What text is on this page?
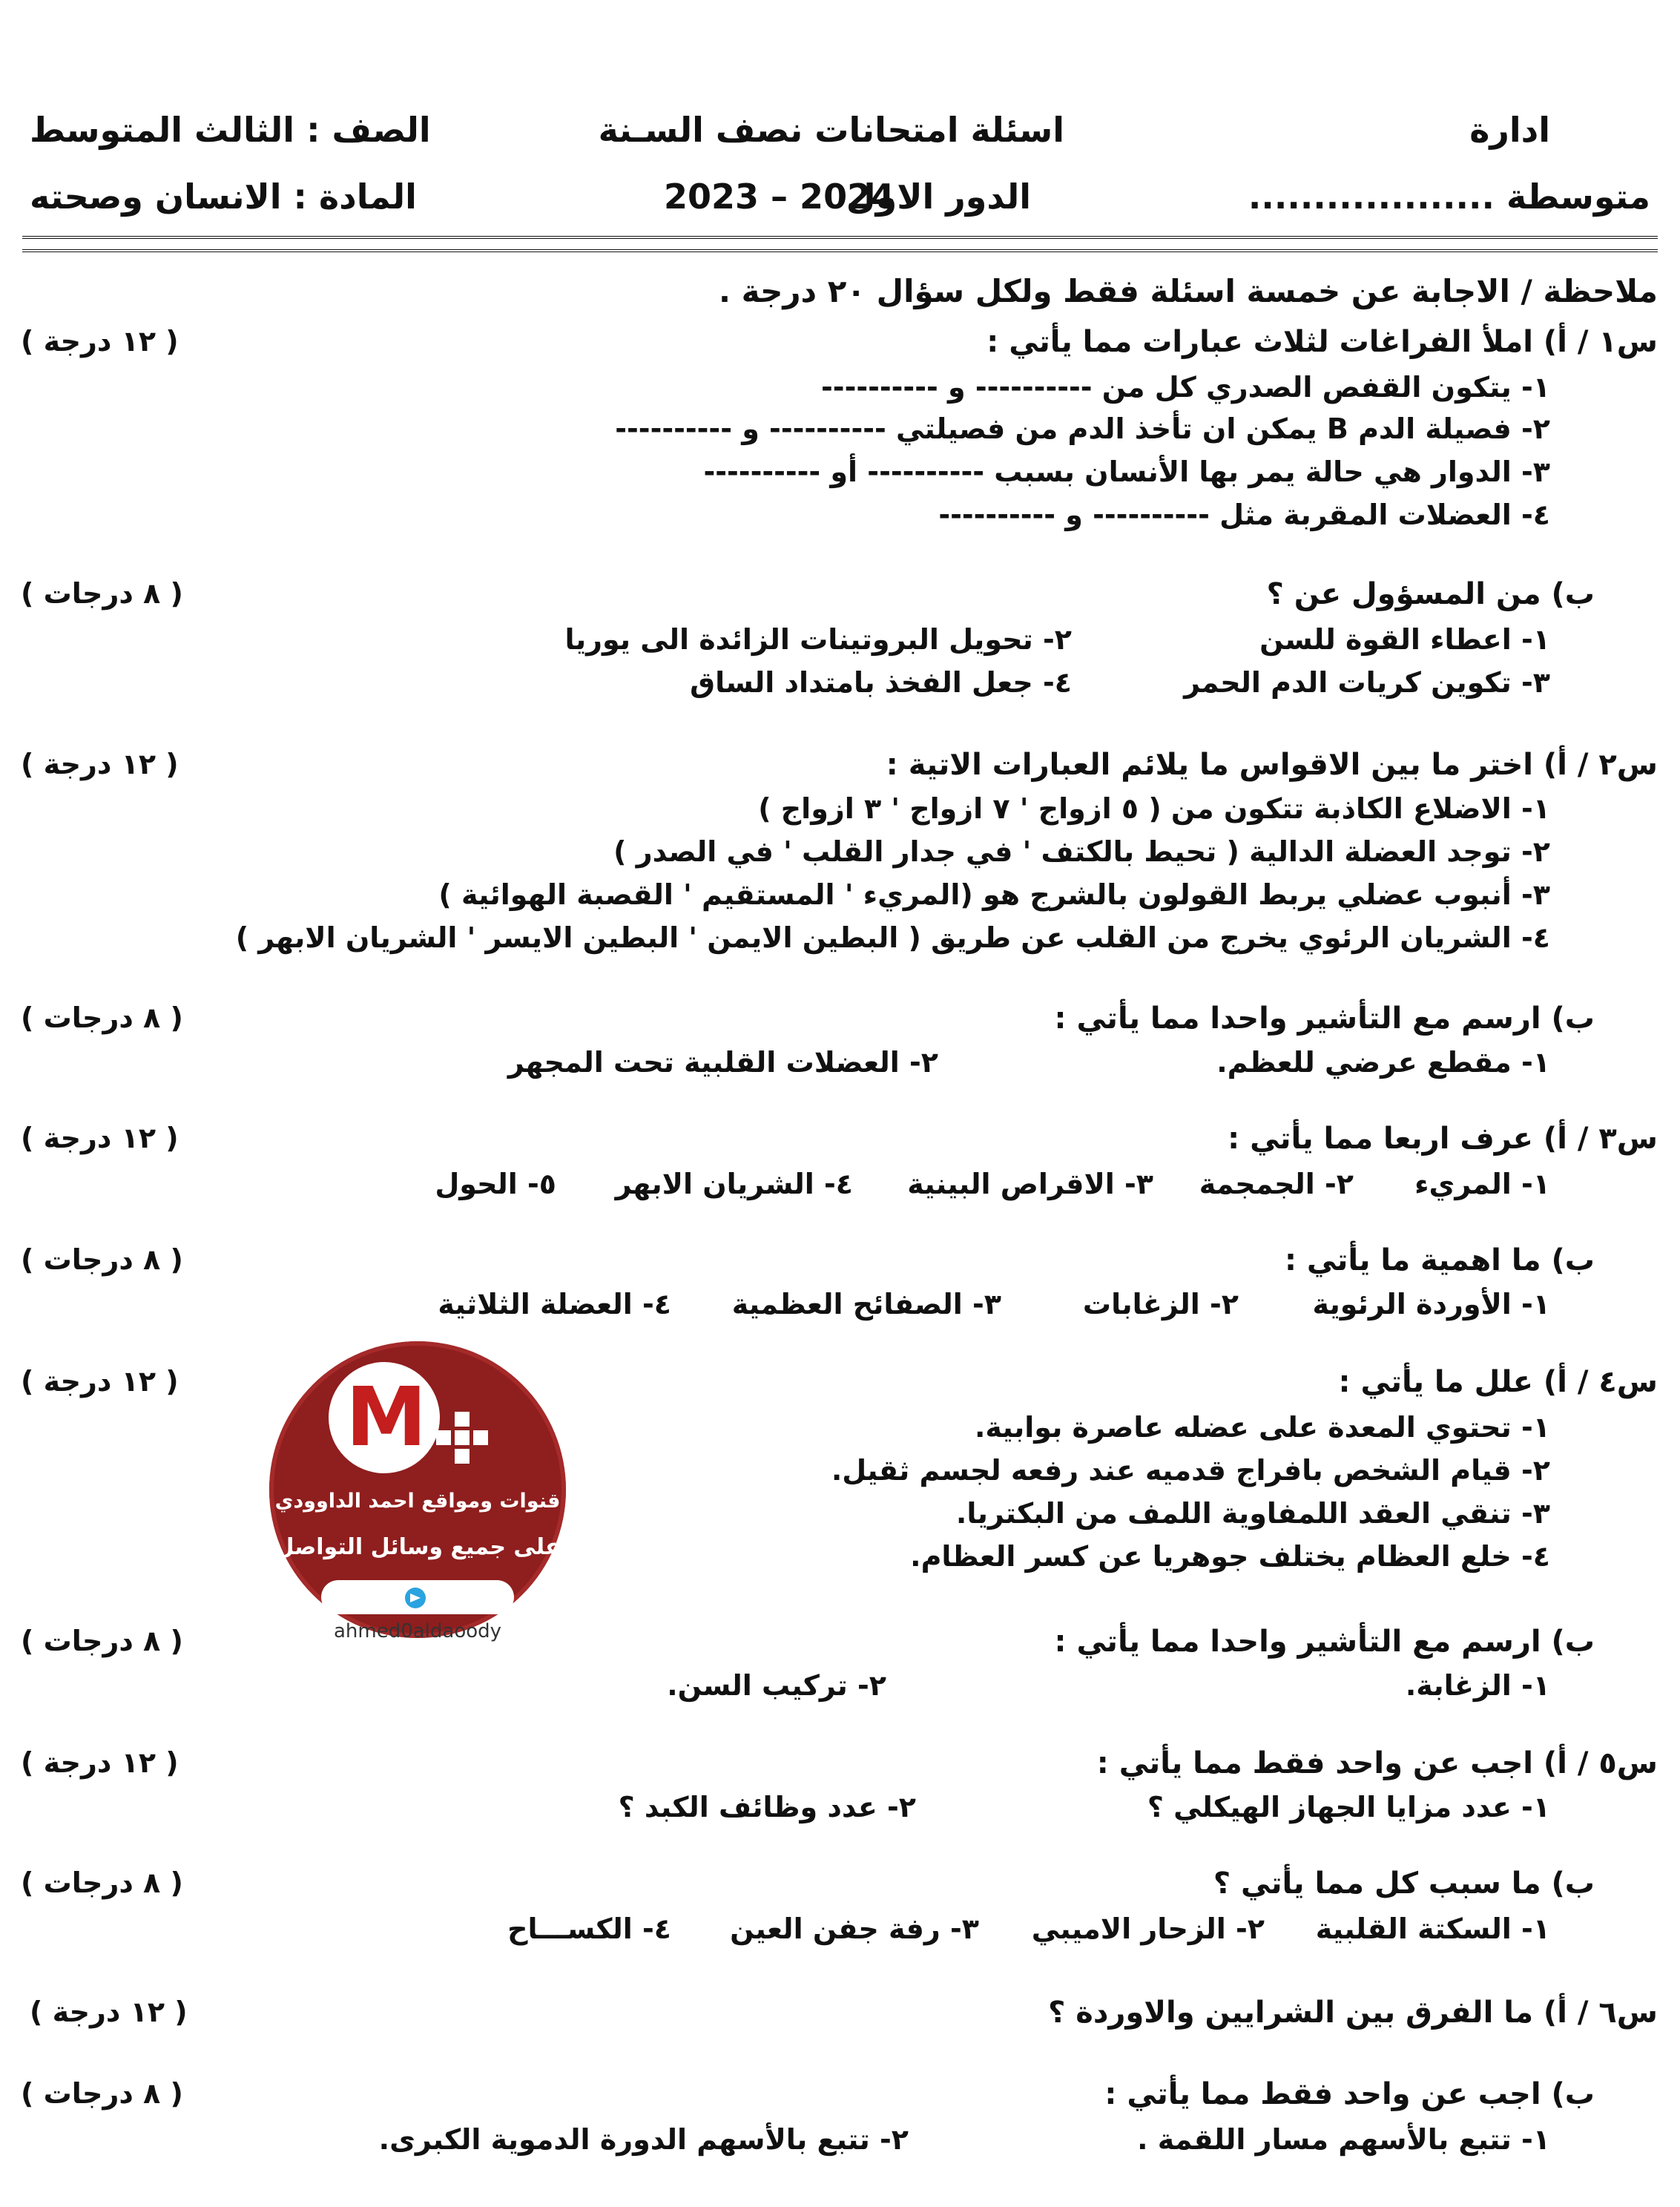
ادارة
اسئلة امتحانات نصف السـنة
الصف : الثالث المتوسط
متوسطة ...................
الدور الاول
2023 – 2024
المادة : الانسان وصحته
ملاحظة / الاجابة عن خمسة اسئلة فقط ولكل سؤال ٢٠ درجة .
س١ / أ) املأ الفراغات لثلاث عبارات مما يأتي :
( ١٢ درجة )
١- يتكون القفص الصدري كل من ---------- و ----------
٢- فصيلة الدم B يمكن ان تأخذ الدم من فصيلتي ---------- و ----------
٣- الدوار هي حالة يمر بها الأنسان بسبب ---------- أو ----------
٤- العضلات المقربة مثل ---------- و ----------
ب) من المسؤول عن ؟
( ٨ درجات )
١- اعطاء القوة للسن
٢- تحويل البروتينات الزائدة الى يوريا
٣- تكوين كريات الدم الحمر
٤- جعل الفخذ بامتداد الساق
س٢ / أ) اختر ما بين الاقواس ما يلائم العبارات الاتية :
( ١٢ درجة )
١- الاضلاع الكاذبة تتكون من ( ٥ ازواج ' ٧ ازواج ' ٣ ازواج )
٢- توجد العضلة الدالية ( تحيط بالكتف ' في جدار القلب ' في الصدر )
٣- أنبوب عضلي يربط القولون بالشرج هو (المريء ' المستقيم ' القصبة الهوائية )
٤- الشريان الرئوي يخرج من القلب عن طريق ( البطين الايمن ' البطين الايسر ' الشريان الابهر )
ب) ارسم مع التأشير واحدا مما يأتي :
( ٨ درجات )
١- مقطع عرضي للعظم.
٢- العضلات القلبية تحت المجهر
س٣ / أ) عرف اربعا مما يأتي :
( ١٢ درجة )
١- المريء
٢- الجمجمة
٣- الاقراص البينية
٤- الشريان الابهر
٥- الحول
ب) ما اهمية ما يأتي :
( ٨ درجات )
١- الأوردة الرئوية
٢- الزغابات
٣- الصفائح العظمية
٤- العضلة الثلاثية
س٤ / أ) علل ما يأتي :
( ١٢ درجة )
١- تحتوي المعدة على عضله عاصرة بوابية.
٢- قيام الشخص بافراج قدميه عند رفعه لجسم ثقيل.
٣- تنقي العقد اللمفاوية اللمف من البكتريا.
٤- خلع العظام يختلف جوهريا عن كسر العظام.
ب) ارسم مع التأشير واحدا مما يأتي :
( ٨ درجات )
١- الزغابة.
٢- تركيب السن.
س٥ / أ) اجب عن واحد فقط مما يأتي :
( ١٢ درجة )
١- عدد مزايا الجهاز الهيكلي ؟
٢- عدد وظائف الكبد ؟
ب) ما سبب كل مما يأتي ؟
( ٨ درجات )
١- السكتة القلبية
٢- الزحار الاميبي
٣- رفة جفن العين
٤- الكســـاح
س٦ / أ) ما الفرق بين الشرايين والاوردة ؟
( ١٢ درجة )
ب) اجب عن واحد فقط مما يأتي :
( ٨ درجات )
١- تتبع بالأسهم مسار اللقمة .
٢- تتبع بالأسهم الدورة الدموية الكبرى.
M
قنوات ومواقع احمد الداوودي
على جميع وسائل التواصل
ahmed0aldaoody
